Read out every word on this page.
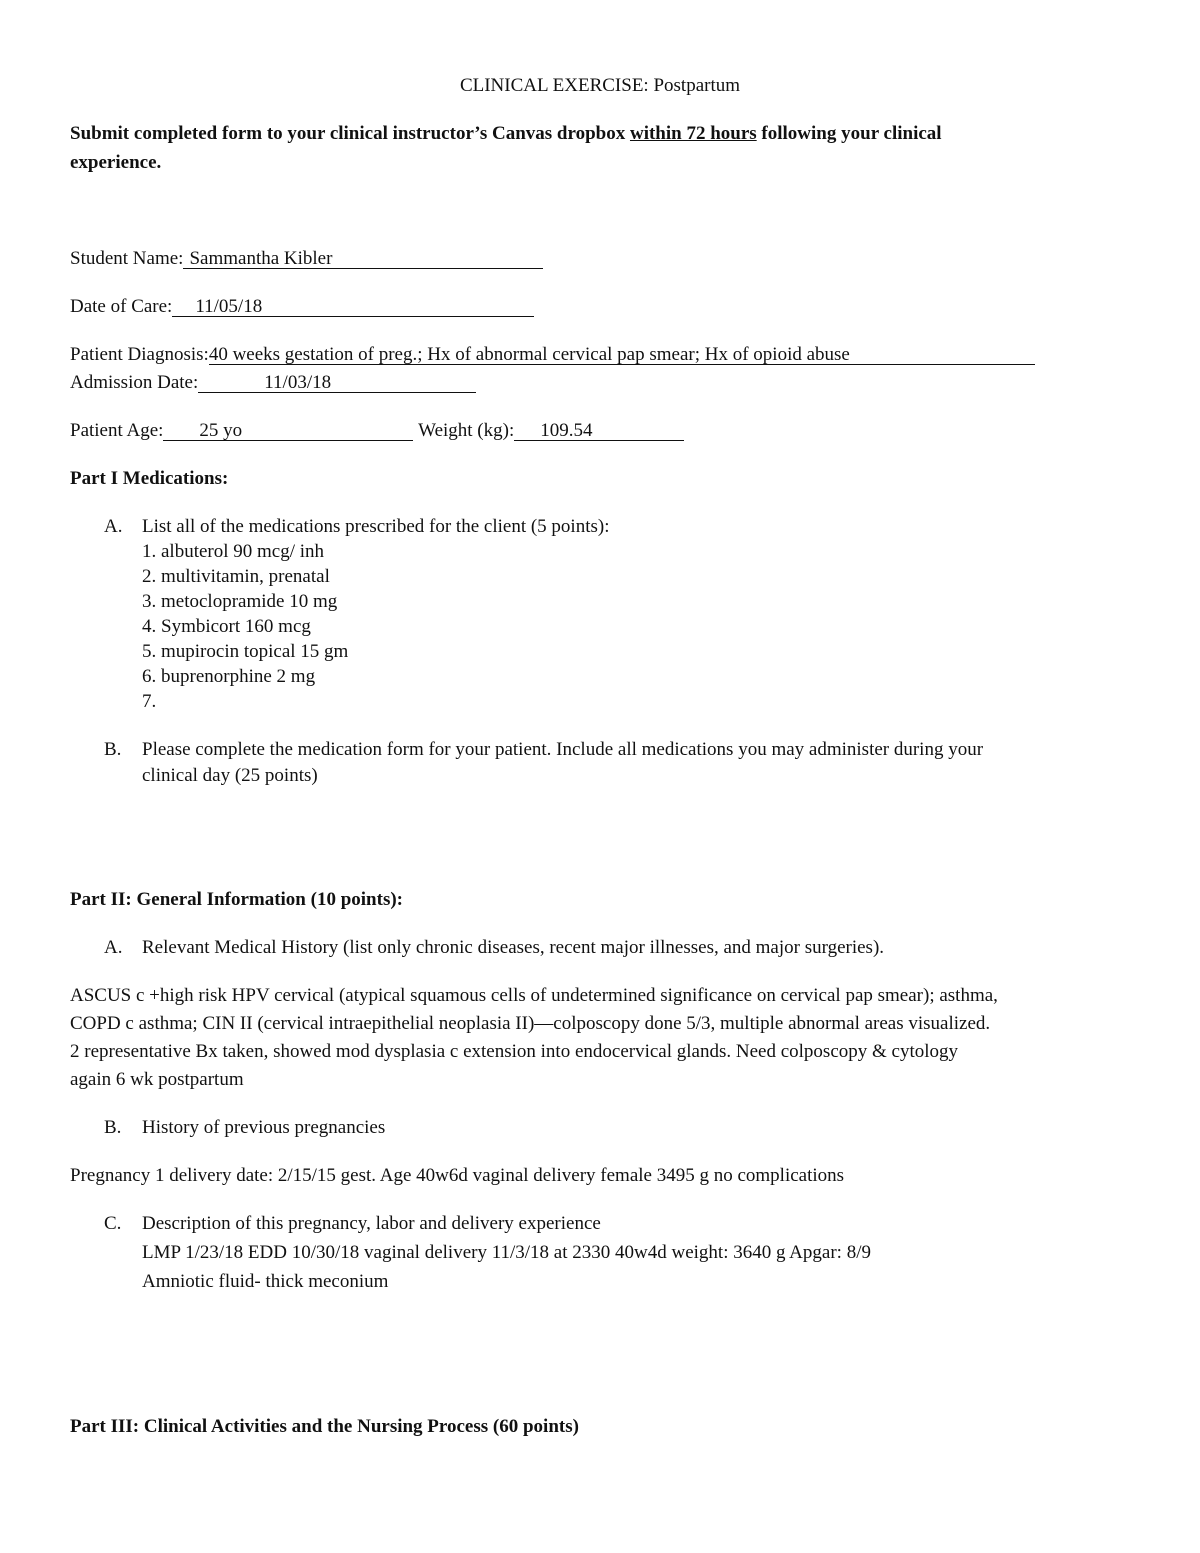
CLINICAL EXERCISE: Postpartum
Submit completed form to your clinical instructor’s Canvas dropbox within 72 hours following your clinical
experience.
Student Name:Sammantha Kibler
Date of Care:11/05/18
Patient Diagnosis:40 weeks gestation of preg.; Hx of abnormal cervical pap smear; Hx of opioid abuse
Admission Date:	11/03/18
Patient Age: 25 yo	Weight (kg): 109.54
Part I Medications:
A. List all of the medications prescribed for the client (5 points):
1. albuterol 90 mcg/ inh
2. multivitamin, prenatal
3. metoclopramide 10 mg
4. Symbicort 160 mcg
5. mupirocin topical 15 gm
6. buprenorphine 2 mg
7.
B. Please complete the medication form for your patient. Include all medications you may administer during your
clinical day (25 points)
Part II: General Information (10 points):
A. Relevant Medical History (list only chronic diseases, recent major illnesses, and major surgeries).
ASCUS c +high risk HPV cervical (atypical squamous cells of undetermined significance on cervical pap smear); asthma,
COPD c asthma; CIN II (cervical intraepithelial neoplasia II)—colposcopy done 5/3, multiple abnormal areas visualized.
2 representative Bx taken, showed mod dysplasia c extension into endocervical glands. Need colposcopy & cytology
again 6 wk postpartum
B. History of previous pregnancies
Pregnancy 1 delivery date: 2/15/15 gest. Age 40w6d vaginal delivery female 3495 g no complications
C. Description of this pregnancy, labor and delivery experience
LMP 1/23/18 EDD 10/30/18 vaginal delivery 11/3/18 at 2330 40w4d weight: 3640 g Apgar: 8/9
Amniotic fluid- thick meconium
Part III: Clinical Activities and the Nursing Process (60 points)
